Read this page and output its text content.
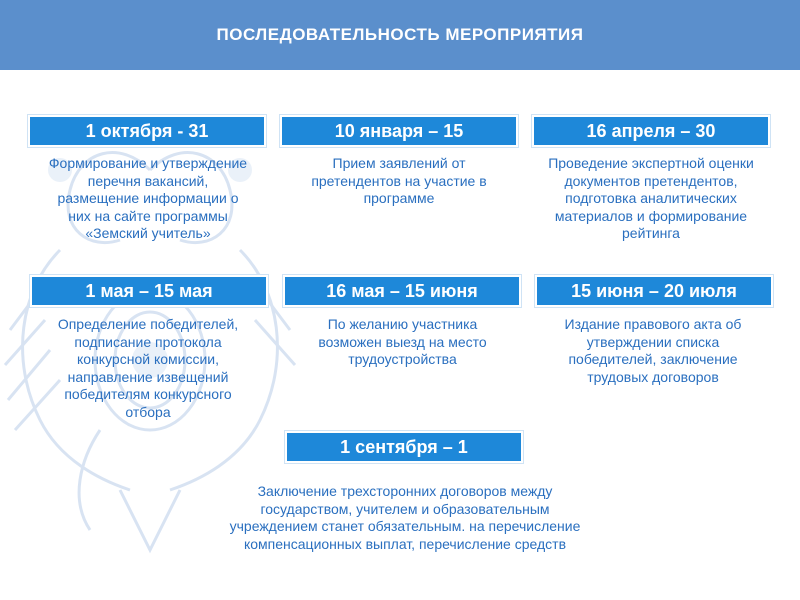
ПОСЛЕДОВАТЕЛЬНОСТЬ МЕРОПРИЯТИЯ
1 октября - 31
Формирование и утверждение перечня вакансий, размещение информации о них на сайте программы «Земский учитель»
10 января – 15
Прием заявлений от претендентов на участие в программе
16 апреля – 30
Проведение экспертной оценки документов претендентов, подготовка аналитических материалов и формирование рейтинга
1 мая – 15 мая
Определение победителей, подписание протокола конкурсной комиссии, направление извещений победителям конкурсного отбора
16 мая – 15 июня
По желанию участника возможен выезд на место трудоустройства
15 июня – 20 июля
Издание правового акта об утверждении списка победителей, заключение трудовых договоров
1 сентября – 1
Заключение трехсторонних договоров между государством, учителем и образовательным учреждением станет обязательным. на перечисление компенсационных выплат, перечисление средств
